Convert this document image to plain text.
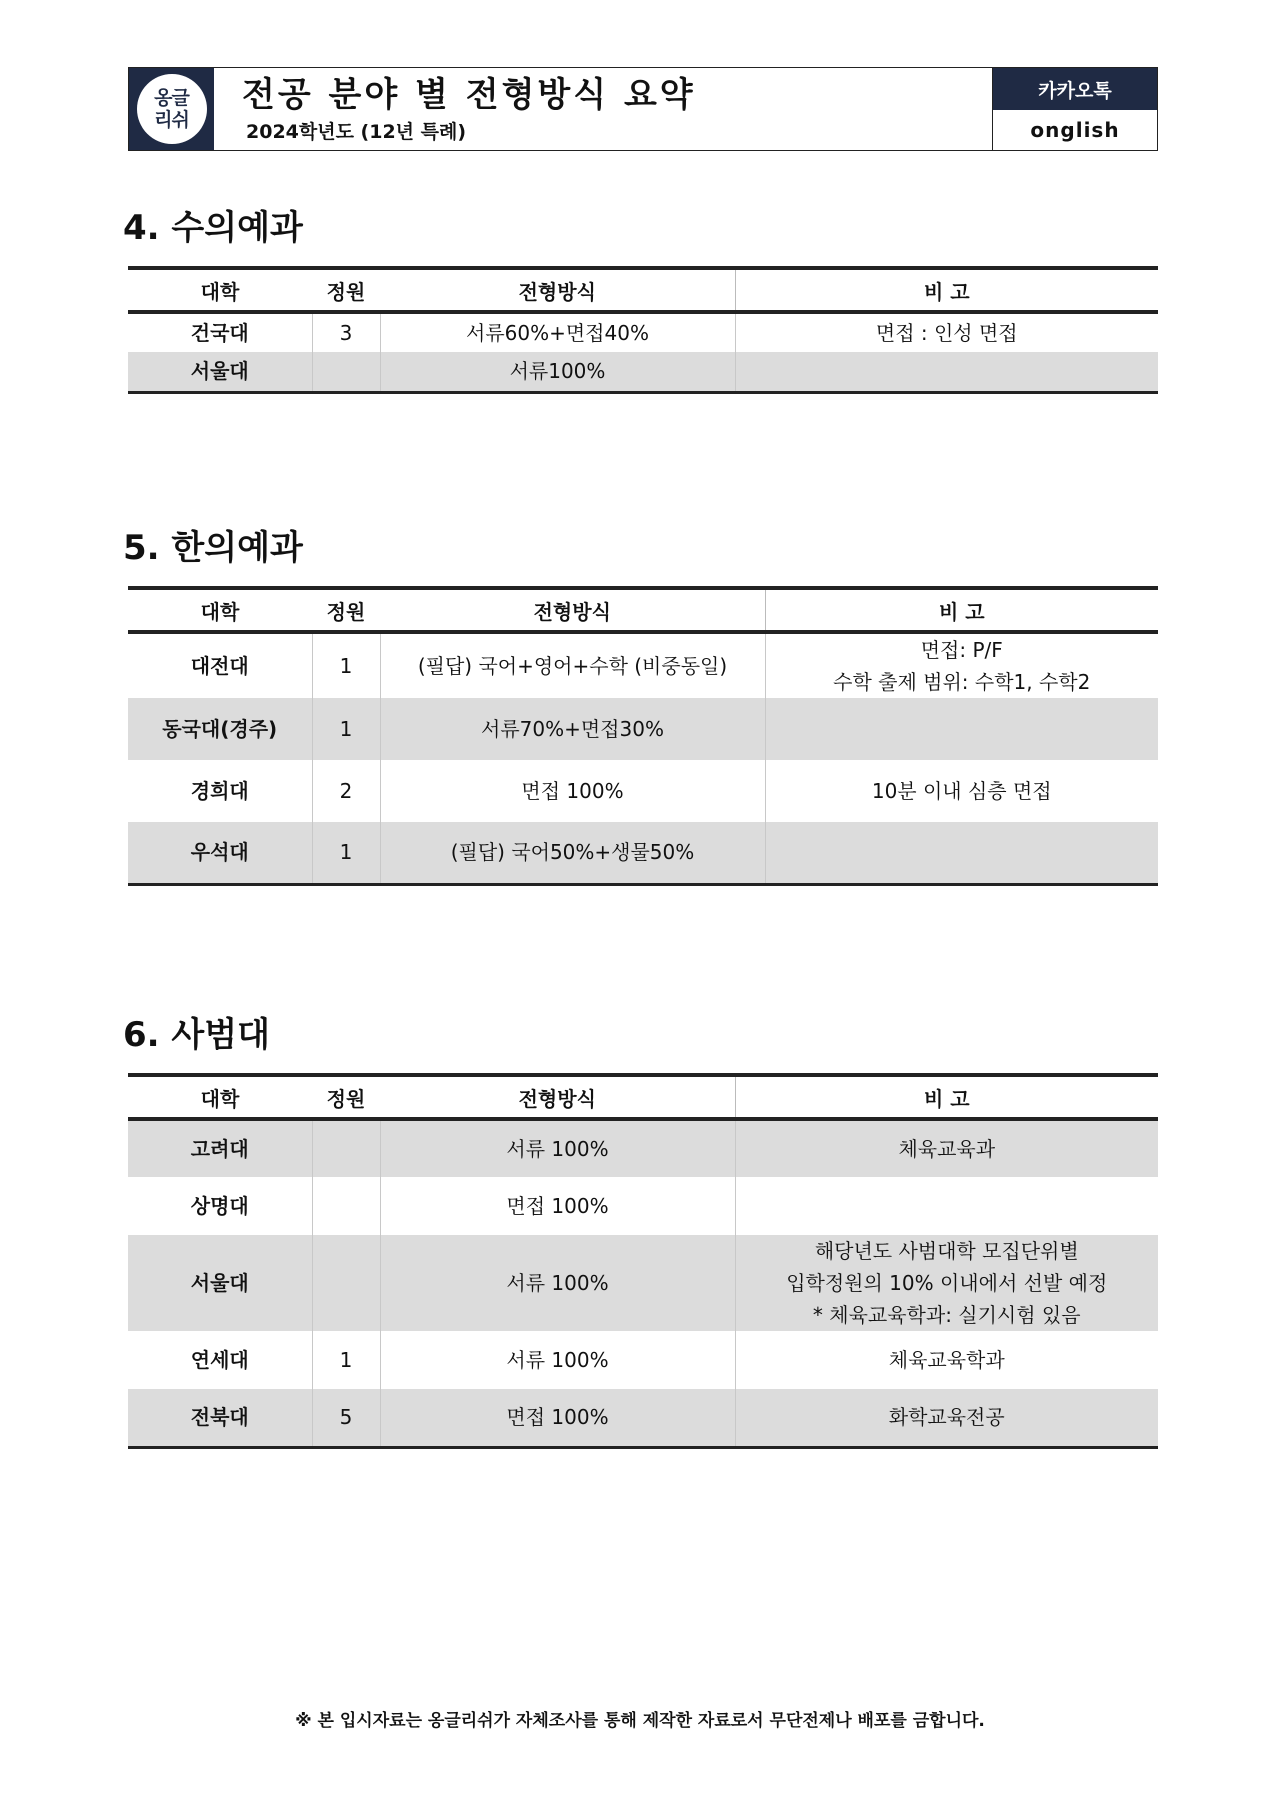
옹글
리쉬
전공 분야 별 전형방식 요약
2024학년도 (12년 특례)
카카오톡
onglish
4. 수의예과
대학	정원	전형방식	비 고
건국대	3	서류60%+면접40%	면접 : 인성 면접

서울대		서류100%	
5. 한의예과
대학	정원	전형방식	비 고
대전대	1	(필답) 국어+영어+수학 (비중동일)	면접: P/F
수학 출제 범위: 수학1, 수학2

동국대(경주)	1	서류70%+면접30%	

경희대	2	면접 100%	10분 이내 심층 면접

우석대	1	(필답) 국어50%+생물50%	
6. 사범대
대학	정원	전형방식	비 고
고려대		서류 100%	체육교육과

상명대		면접 100%	

서울대		서류 100%	해당년도 사범대학 모집단위별
입학정원의 10% 이내에서 선발 예정
* 체육교육학과: 실기시험 있음

연세대	1	서류 100%	체육교육학과

전북대	5	면접 100%	화학교육전공
※ 본 입시자료는 옹글리쉬가 자체조사를 통해 제작한 자료로서 무단전제나 배포를 금합니다.
